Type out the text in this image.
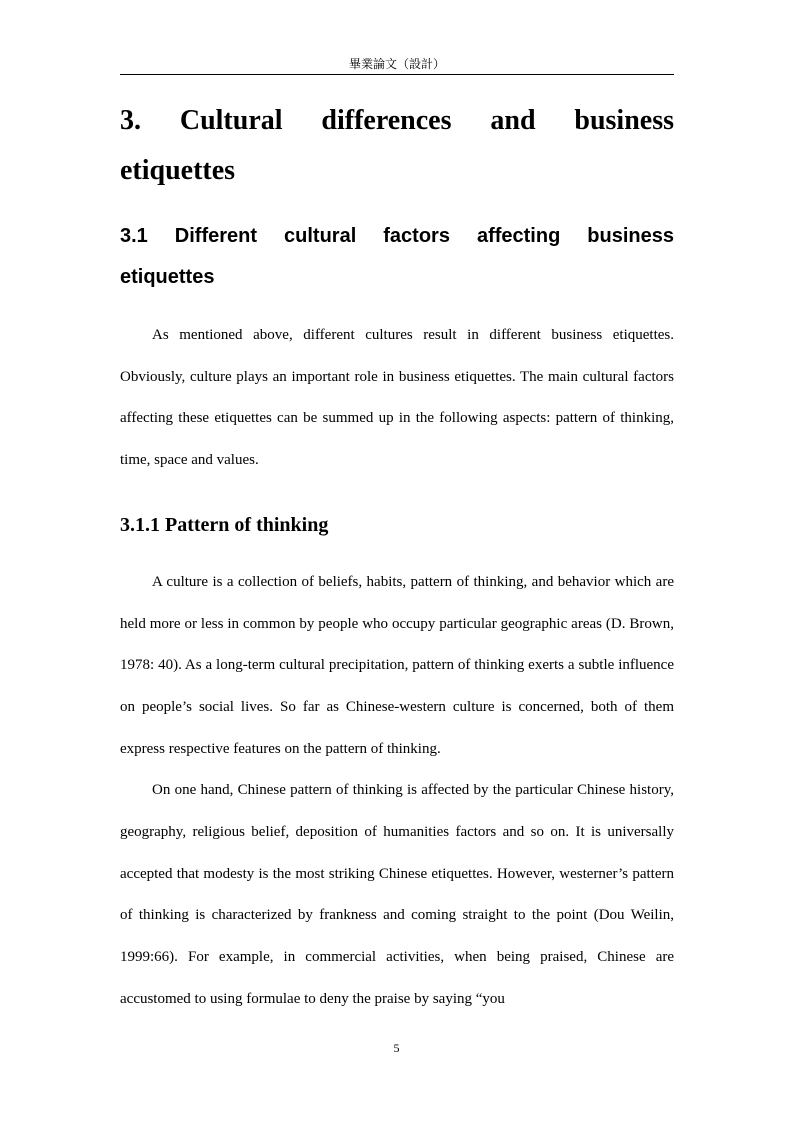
畢業論文（設計）
3. Cultural differences and business
etiquettes
3.1 Different cultural factors affecting business
etiquettes

As mentioned above, different cultures result in different business etiquettes. Obviously, culture plays an important role in business etiquettes. The main cultural factors affecting these etiquettes can be summed up in the following aspects: pattern of thinking, time, space and values.

3.1.1 Pattern of thinking

A culture is a collection of beliefs, habits, pattern of thinking, and behavior which are held more or less in common by people who occupy particular geographic areas (D. Brown, 1978: 40). As a long-term cultural precipitation, pattern of thinking exerts a subtle influence on people’s social lives. So far as Chinese-western culture is concerned, both of them express respective features on the pattern of thinking.

On one hand, Chinese pattern of thinking is affected by the particular Chinese history, geography, religious belief, deposition of humanities factors and so on. It is universally accepted that modesty is the most striking Chinese etiquettes. However, westerner’s pattern of thinking is characterized by frankness and coming straight to the point (Dou Weilin, 1999:66). For example, in commercial activities, when being praised, Chinese are accustomed to using formulae to deny the praise by saying “you

5
